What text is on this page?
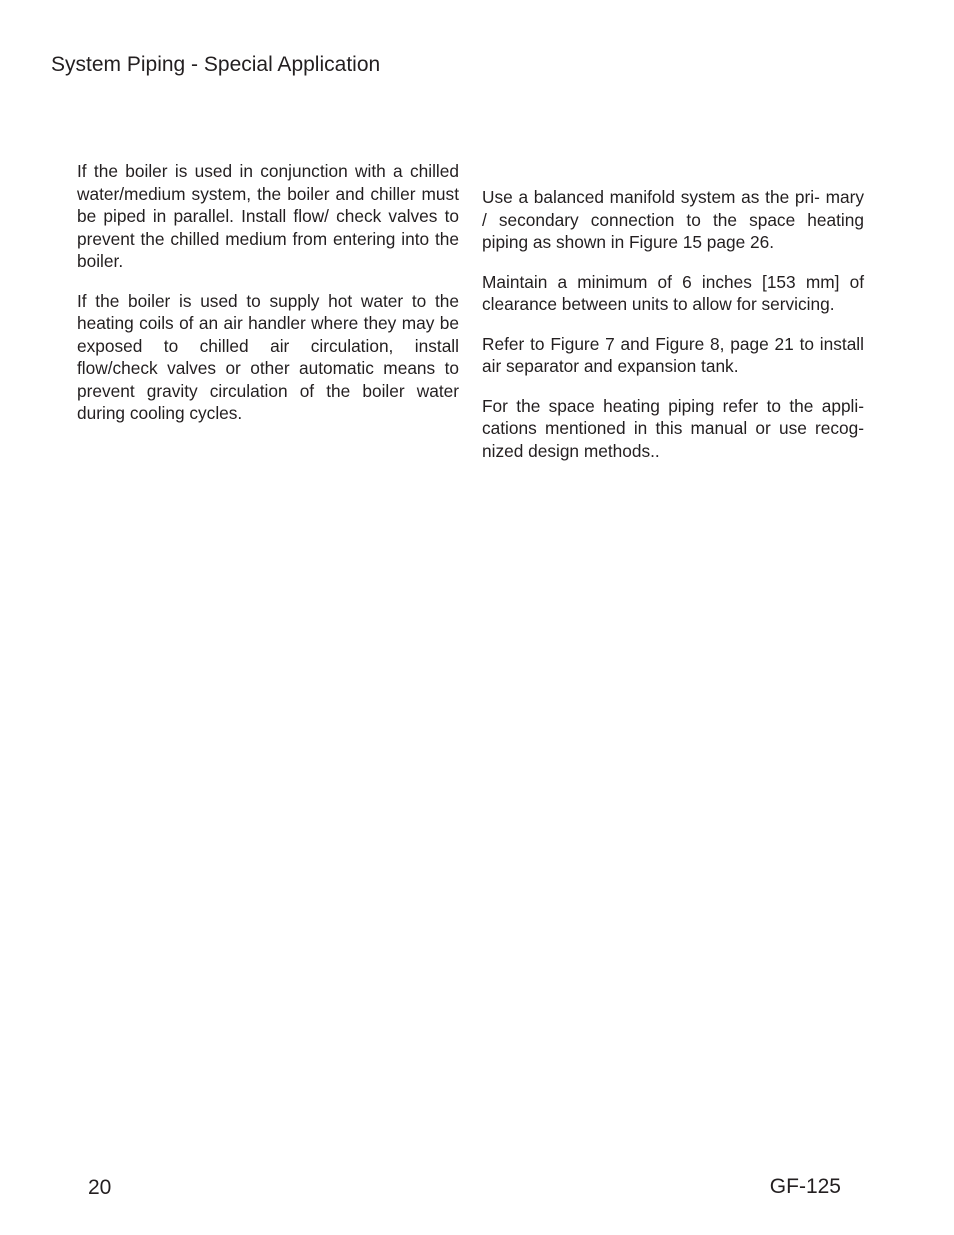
System Piping - Special Application

If the boiler is used in conjunction with a chilled water/medium system, the boiler and chiller must be piped in parallel. Install flow/ check valves to prevent the chilled medium from entering into the boiler.

If the boiler is used to supply hot water to the heating coils of an air handler where they may be exposed to chilled air circulation, install flow/check valves or other automatic means to prevent gravity circulation of the boiler water during cooling cycles.

Use a balanced manifold system as the pri- mary / secondary connection to the space heating piping as shown in Figure 15 page 26.

Maintain a minimum of 6 inches [153 mm] of clearance between units to allow for servicing.

Refer to Figure 7 and Figure 8, page 21 to install air separator and expansion tank.

For the space heating piping refer to the appli- cations mentioned in this manual or use recog- nized design methods..

20	GF-125
